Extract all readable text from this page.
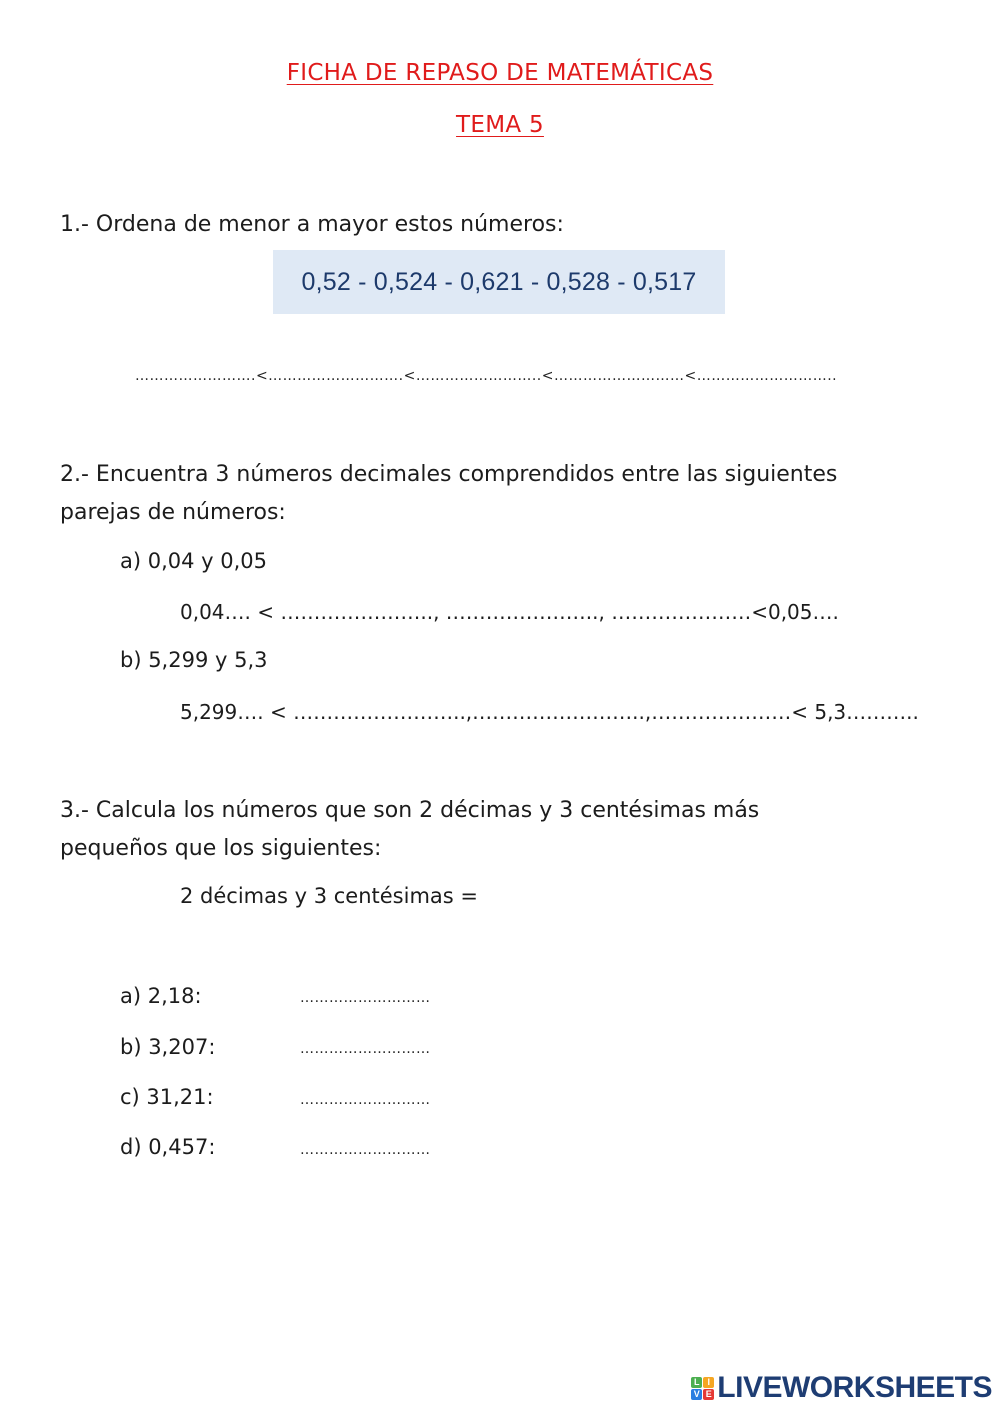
FICHA DE REPASO DE MATEMÁTICAS
TEMA 5
1.- Ordena de menor a mayor estos números:
0,52 - 0,524 - 0,621 - 0,528 - 0,517
…………………….<……………………….<……………………..<………………………<………………………..
2.- Encuentra 3 números decimales comprendidos entre las siguientes
parejas de números:
a) 0,04 y 0,05
0,04…. < ………………….., ………………….., …………………<0,05….
b) 5,299 y 5,3
5,299…. < ……………………..,……………………..,…………………< 5,3………..
3.- Calcula los números que son 2 décimas y 3 centésimas más
pequeños que los siguientes:
2 décimas y 3 centésimas =
a) 2,18:	………………………
b) 3,207:	………………………
c) 31,21:	………………………
d) 0,457:	………………………
L I
V E LIVEWORKSHEETS
